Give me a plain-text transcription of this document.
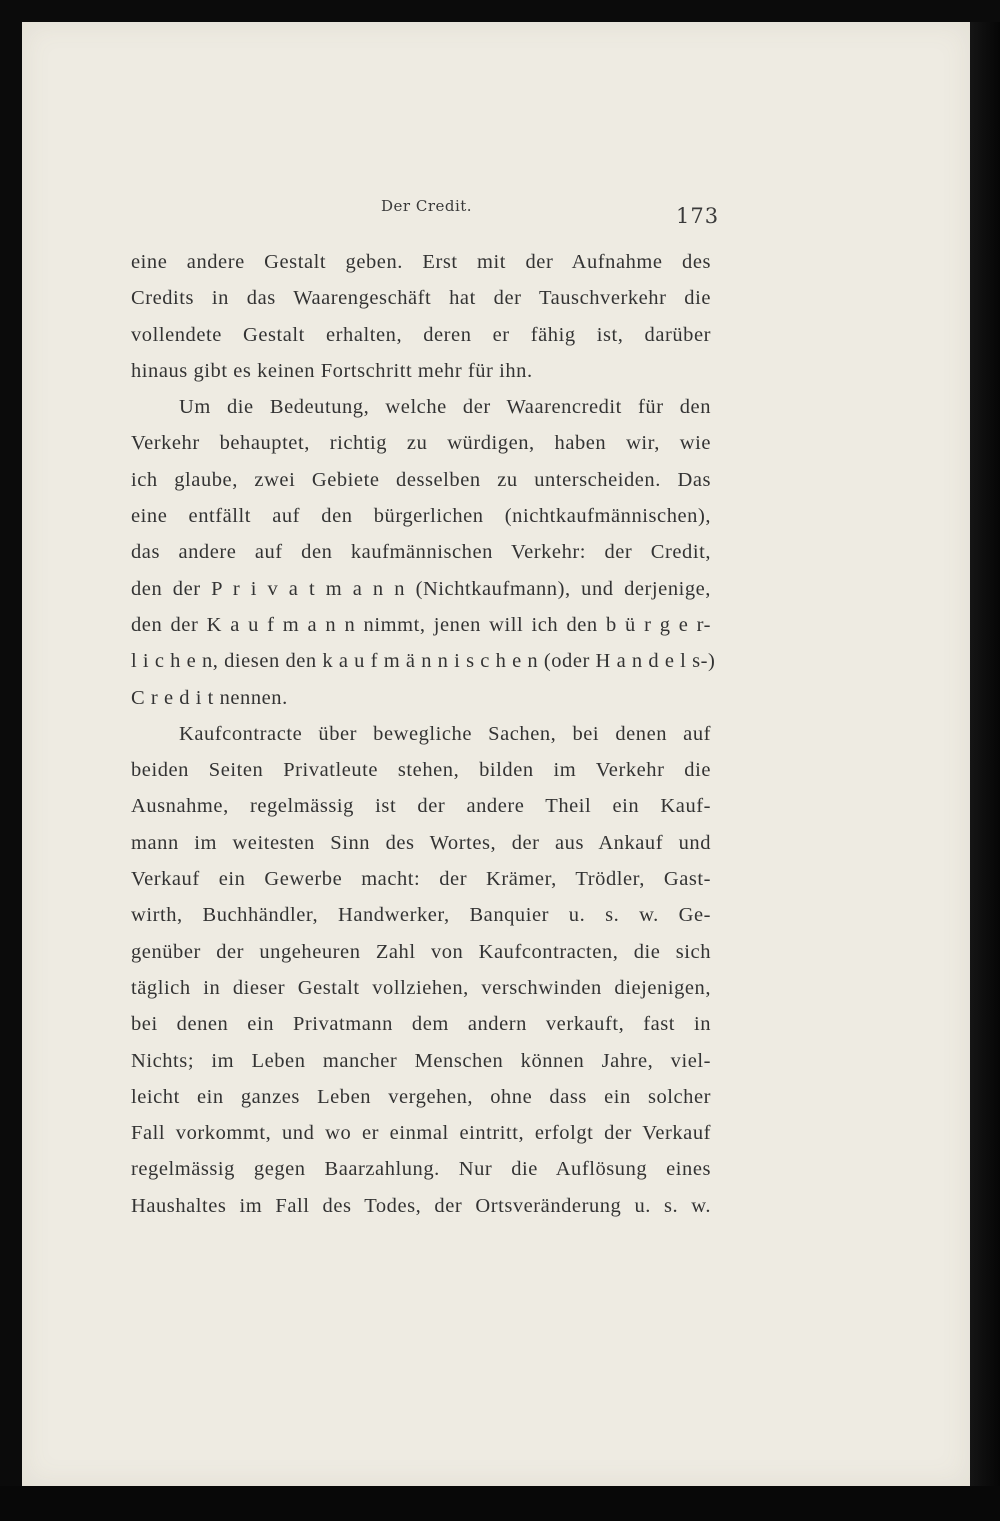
Der Credit.	173
eine andere Gestalt geben. Erst mit der Aufnahme des
Credits in das Waarengeschäft hat der Tauschverkehr die
vollendete Gestalt erhalten, deren er fähig ist, darüber
hinaus gibt es keinen Fortschritt mehr für ihn.
Um die Bedeutung, welche der Waarencredit für den
Verkehr behauptet, richtig zu würdigen, haben wir, wie
ich glaube, zwei Gebiete desselben zu unterscheiden. Das
eine entfällt auf den bürgerlichen (nichtkaufmännischen),
das andere auf den kaufmännischen Verkehr: der Credit,
den der P r i v a t m a n n (Nichtkaufmann), und derjenige,
den der K a u f m a n n nimmt, jenen will ich den b ü r g e r-
l i c h e n, diesen den k a u f m ä n n i s c h e n (oder H a n d e l s-)
C r e d i t nennen.
Kaufcontracte über bewegliche Sachen, bei denen auf
beiden Seiten Privatleute stehen, bilden im Verkehr die
Ausnahme, regelmässig ist der andere Theil ein Kauf-
mann im weitesten Sinn des Wortes, der aus Ankauf und
Verkauf ein Gewerbe macht: der Krämer, Trödler, Gast-
wirth, Buchhändler, Handwerker, Banquier u. s. w. Ge-
genüber der ungeheuren Zahl von Kaufcontracten, die sich
täglich in dieser Gestalt vollziehen, verschwinden diejenigen,
bei denen ein Privatmann dem andern verkauft, fast in
Nichts; im Leben mancher Menschen können Jahre, viel-
leicht ein ganzes Leben vergehen, ohne dass ein solcher
Fall vorkommt, und wo er einmal eintritt, erfolgt der Verkauf
regelmässig gegen Baarzahlung. Nur die Auflösung eines
Haushaltes im Fall des Todes, der Ortsveränderung u. s. w.
